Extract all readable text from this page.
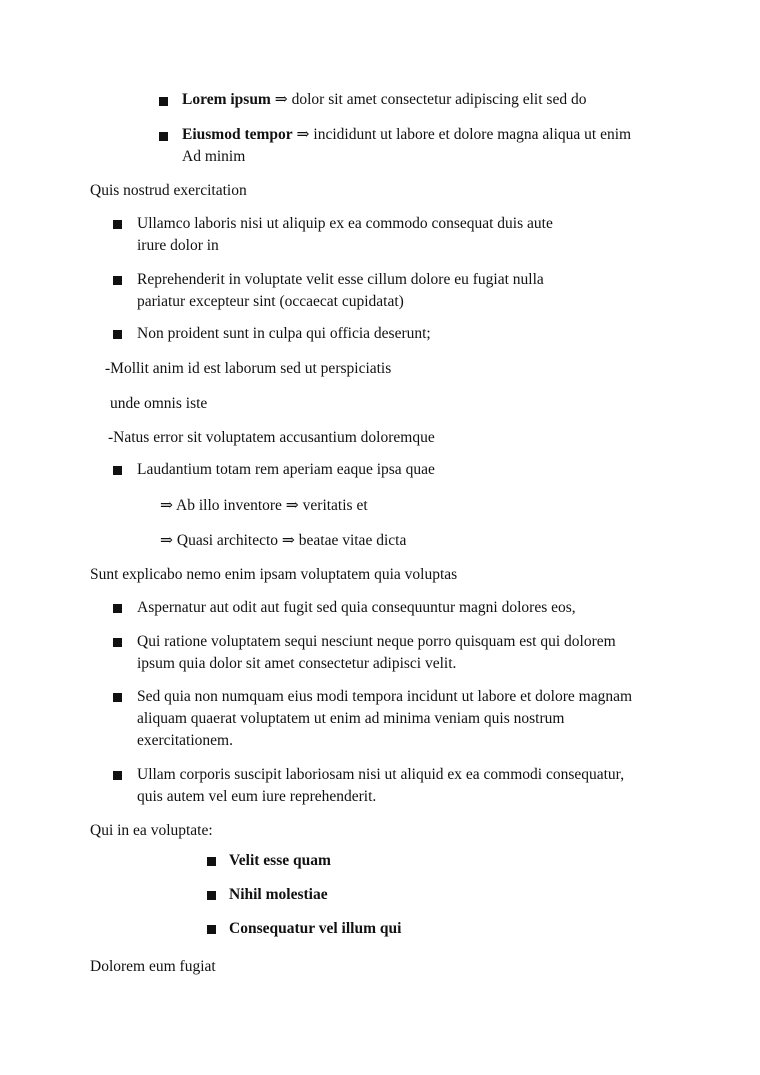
Lorem ipsum ⇒ dolor sit amet consectetur adipiscing elit sed do
Eiusmod tempor ⇒ incididunt ut labore et dolore magna aliqua ut enim
Ad minim
Quis nostrud exercitation
Ullamco laboris nisi ut aliquip ex ea commodo consequat duis aute
irure dolor in
Reprehenderit in voluptate velit esse cillum dolore eu fugiat nulla
pariatur excepteur sint (occaecat cupidatat)
Non proident sunt in culpa qui officia deserunt;
-Mollit anim id est laborum sed ut perspiciatis
unde omnis iste
-Natus error sit voluptatem accusantium doloremque
Laudantium totam rem aperiam eaque ipsa quae
⇒ Ab illo inventore ⇒ veritatis et
⇒ Quasi architecto ⇒ beatae vitae dicta
Sunt explicabo nemo enim ipsam voluptatem quia voluptas
Aspernatur aut odit aut fugit sed quia consequuntur magni dolores eos,
Qui ratione voluptatem sequi nesciunt neque porro quisquam est qui dolorem
ipsum quia dolor sit amet consectetur adipisci velit.
Sed quia non numquam eius modi tempora incidunt ut labore et dolore magnam
aliquam quaerat voluptatem ut enim ad minima veniam quis nostrum
exercitationem.
Ullam corporis suscipit laboriosam nisi ut aliquid ex ea commodi consequatur,
quis autem vel eum iure reprehenderit.
Qui in ea voluptate:
Velit esse quam
Nihil molestiae
Consequatur vel illum qui
Dolorem eum fugiat
